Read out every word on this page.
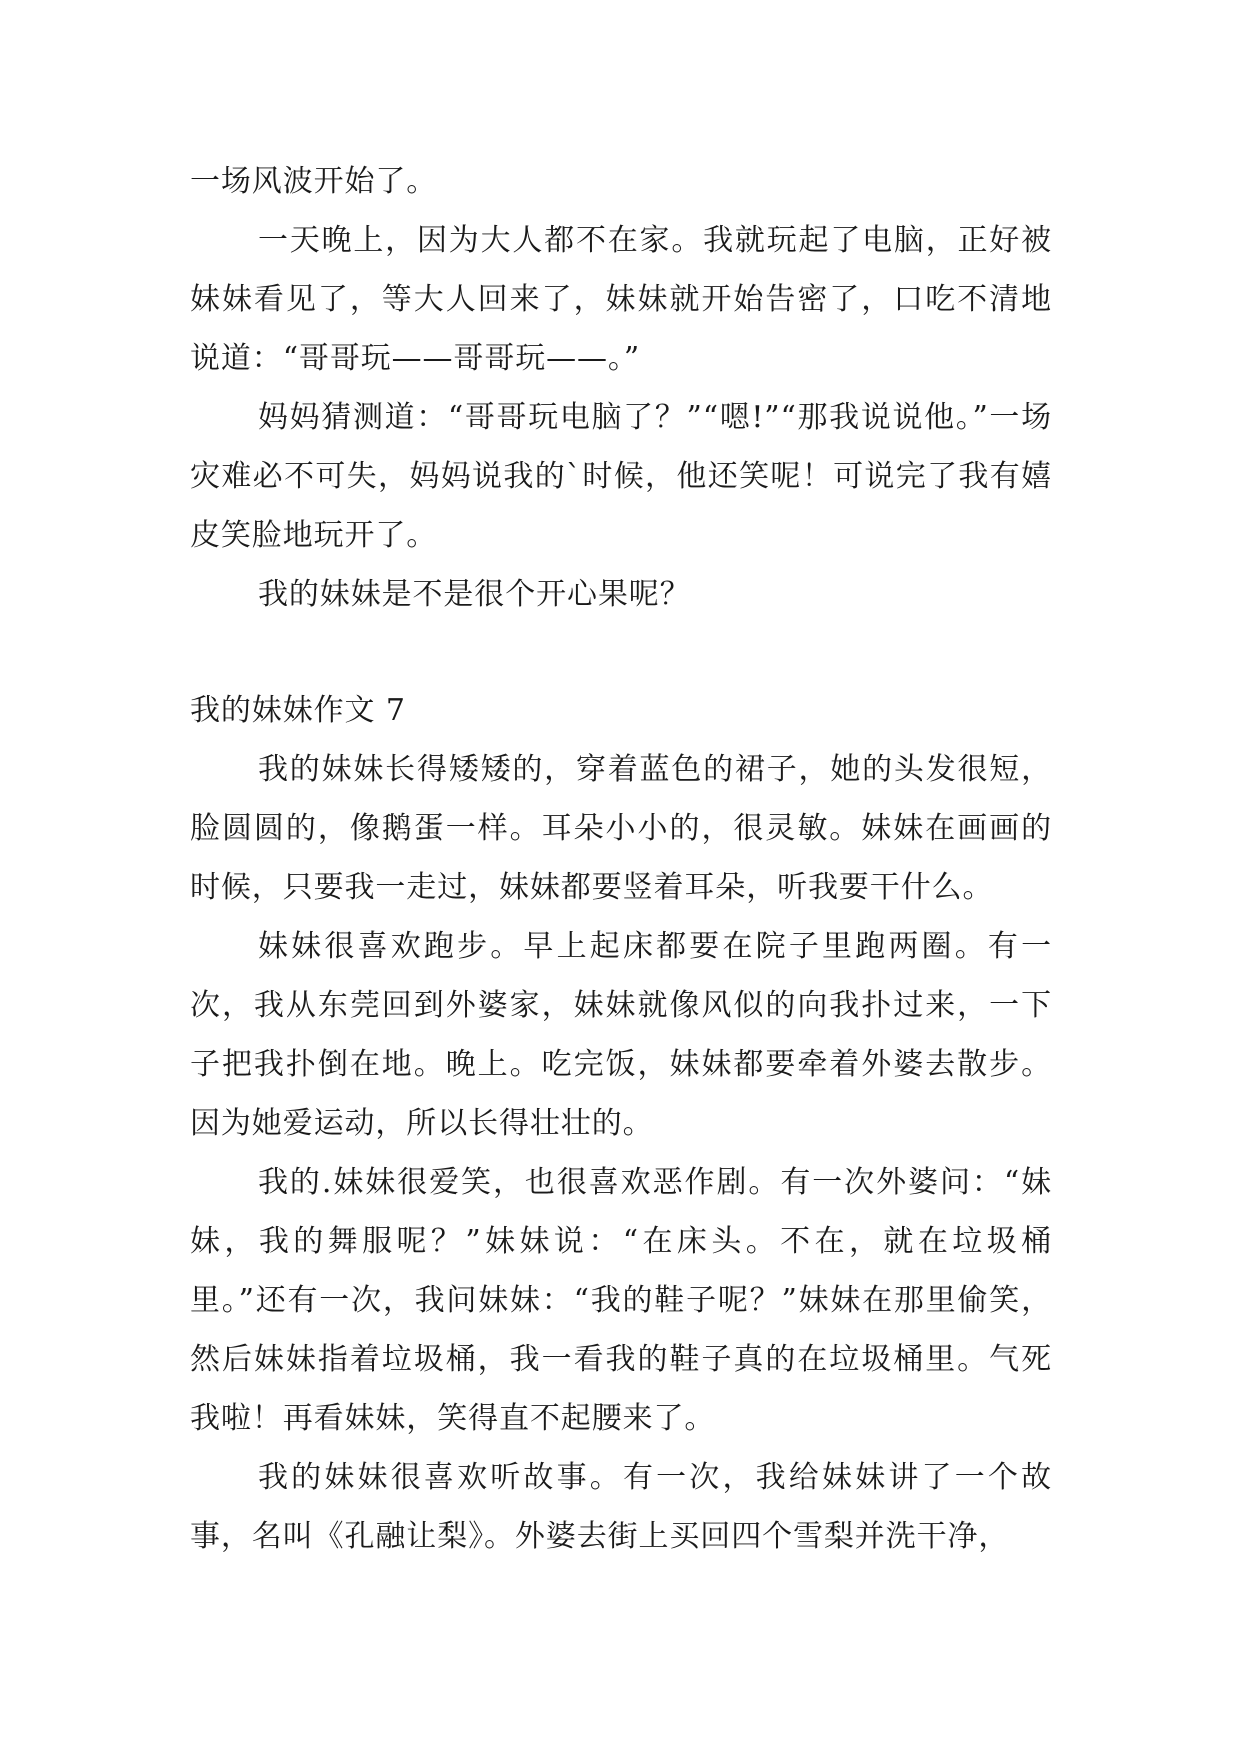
一场风波开始了。

一天晚上，因为大人都不在家。我就玩起了电脑，正好被妹妹看见了，等大人回来了，妹妹就开始告密了，口吃不清地说道：“哥哥玩——哥哥玩——。”

妈妈猜测道：“哥哥玩电脑了？”“嗯!”“那我说说他。”一场灾难必不可失，妈妈说我的`时候，他还笑呢！可说完了我有嬉皮笑脸地玩开了。

我的妹妹是不是很个开心果呢？

我的妹妹作文 7

我的妹妹长得矮矮的，穿着蓝色的裙子，她的头发很短，脸圆圆的，像鹅蛋一样。耳朵小小的，很灵敏。妹妹在画画的时候，只要我一走过，妹妹都要竖着耳朵，听我要干什么。

妹妹很喜欢跑步。早上起床都要在院子里跑两圈。有一次，我从东莞回到外婆家，妹妹就像风似的向我扑过来，一下子把我扑倒在地。晚上。吃完饭，妹妹都要牵着外婆去散步。因为她爱运动，所以长得壮壮的。

我的.妹妹很爱笑，也很喜欢恶作剧。有一次外婆问：“妹妹，我的舞服呢？”妹妹说：“在床头。不在，就在垃圾桶里。”还有一次，我问妹妹：“我的鞋子呢？”妹妹在那里偷笑，然后妹妹指着垃圾桶，我一看我的鞋子真的在垃圾桶里。气死我啦！再看妹妹，笑得直不起腰来了。

我的妹妹很喜欢听故事。有一次，我给妹妹讲了一个故事，名叫《孔融让梨》。外婆去街上买回四个雪梨并洗干净，
